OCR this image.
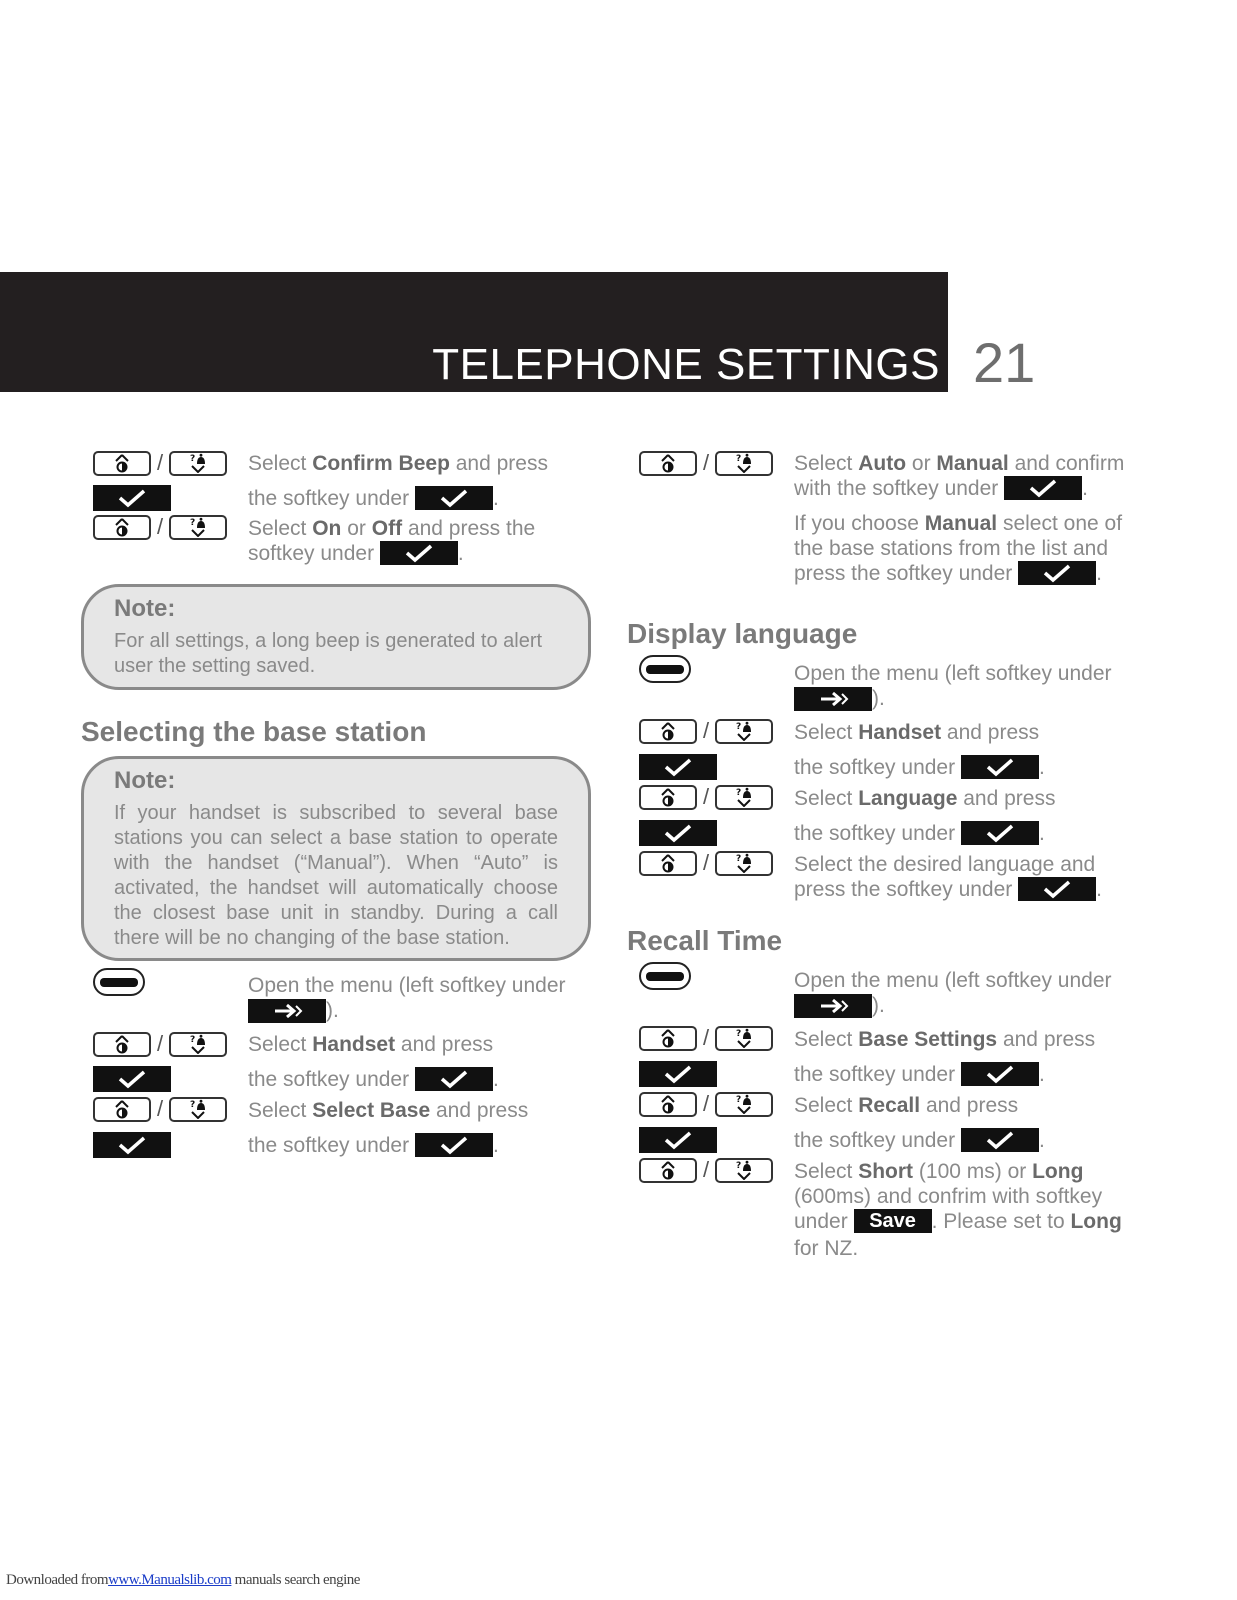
TELEPHONE SETTINGS 21
/	Select Confirm Beep and press
the softkey under	.
/	Select On or Off and press the
softkey under	.
Note:
For all settings, a long beep is generated to alert user the setting saved.
Selecting the base station
Note:
If your handset is subscribed to several base stations you can select a base station to operate with the handset (“Manual”). When “Auto” is activated, the handset will automatically choose the closest base unit in standby. During a call there will be no changing of the base station.
Open the menu (left softkey under

).
/	Select Handset and press
the softkey under	.
/	Select Select Base and press
the softkey under	.
/	Select Auto or Manual and confirm
with the softkey under	.
If you choose Manual select one of
the base stations from the list and
press the softkey under	.
Display language
Open the menu (left softkey under

).
/	Select Handset and press
the softkey under	.
/	Select Language and press
the softkey under	.
/	Select the desired language and
press the softkey under	.
Recall Time
Open the menu (left softkey under

).
/	Select Base Settings and press
the softkey under	.
/	Select Recall and press
the softkey under	.
/	Select Short (100 ms) or Long
(600ms) and confrim with softkey
under Save . Please set to Long
for NZ.
Downloaded fromwww.Manualslib.com manuals search engine
